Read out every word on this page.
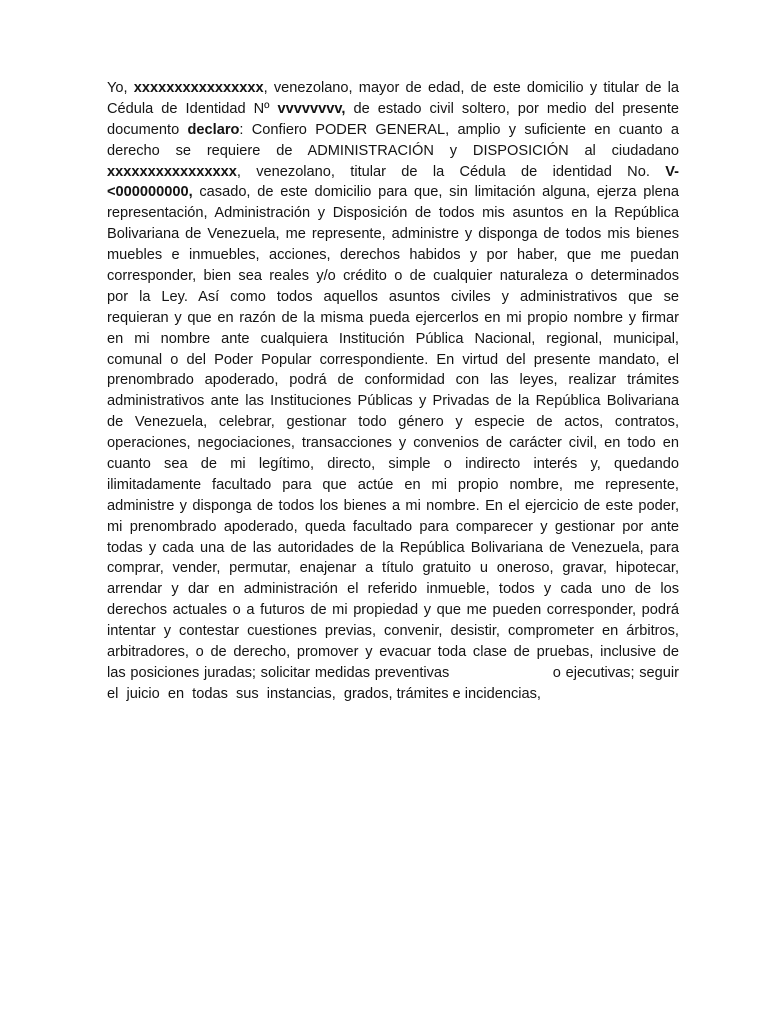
Yo, xxxxxxxxxxxxxxxx, venezolano, mayor de edad, de este domicilio y titular de la
Cédula de Identidad Nº vvvvvvvv, de estado civil soltero, por medio del presente
documento declaro: Confiero PODER GENERAL, amplio y suficiente en cuanto a
derecho se requiere de ADMINISTRACIÓN y DISPOSICIÓN al ciudadano
xxxxxxxxxxxxxxxx, venezolano, titular de la Cédula de identidad No. V-
<000000000, casado, de este domicilio para que, sin limitación alguna, ejerza plena
representación, Administración y Disposición de todos mis asuntos en la República
Bolivariana de Venezuela, me represente, administre y disponga de todos mis bienes
muebles e inmuebles, acciones, derechos habidos y por haber, que me puedan
corresponder, bien sea reales y/o crédito o de cualquier naturaleza o determinados
por la Ley. Así como todos aquellos asuntos civiles y administrativos que se
requieran y que en razón de la misma pueda ejercerlos en mi propio nombre y firmar
en mi nombre ante cualquiera Institución Pública Nacional, regional, municipal,
comunal o del Poder Popular correspondiente. En virtud del presente mandato, el
prenombrado apoderado, podrá de conformidad con las leyes, realizar trámites
administrativos ante las Instituciones Públicas y Privadas de la República Bolivariana
de Venezuela, celebrar, gestionar todo género y especie de actos, contratos,
operaciones, negociaciones, transacciones y convenios de carácter civil, en todo en
cuanto sea de mi legítimo, directo, simple o indirecto interés y, quedando
ilimitadamente facultado para que actúe en mi propio nombre, me represente,
administre y disponga de todos los bienes a mi nombre. En el ejercicio de este poder,
mi prenombrado apoderado, queda facultado para comparecer y gestionar por ante
todas y cada una de las autoridades de la República Bolivariana de Venezuela, para
comprar, vender, permutar, enajenar a título gratuito u oneroso, gravar, hipotecar,
arrendar y dar en administración el referido inmueble, todos y cada uno de los
derechos actuales o a futuros de mi propiedad y que me pueden corresponder, podrá
intentar y contestar cuestiones previas, convenir, desistir, comprometer en árbitros,
arbitradores, o de derecho, promover y evacuar toda clase de pruebas, inclusive de
las posiciones juradas; solicitar medidas preventivas	o ejecutivas; seguir
el  juicio  en  todas  sus  instancias,  grados, trámites e incidencias,
